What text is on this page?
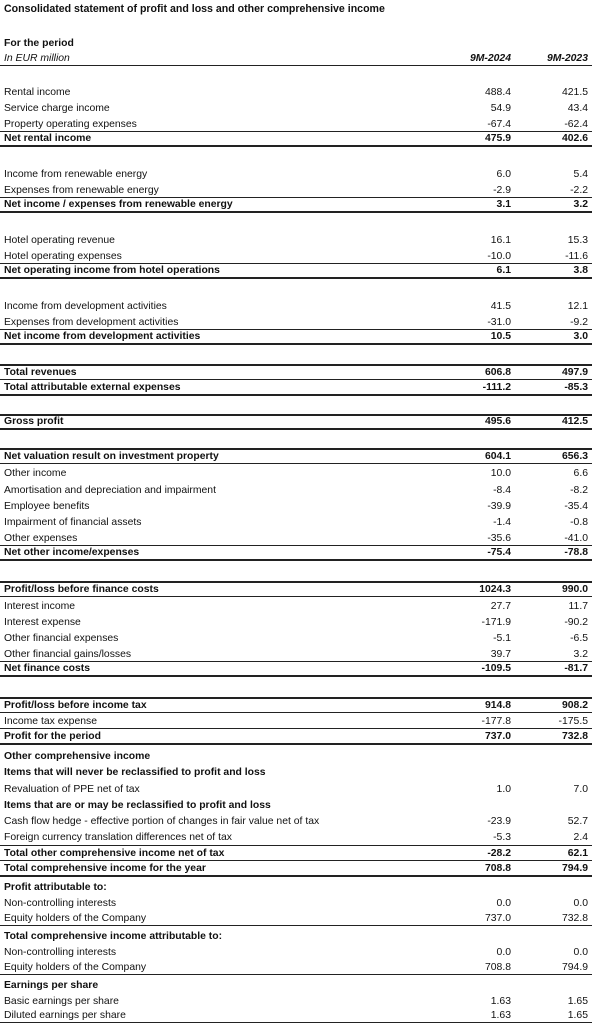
Consolidated statement of profit and loss and other comprehensive income
For the period
In EUR million	9M-2024	9M-2023
Rental income	488.4	421.5
Service charge income	54.9	43.4
Property operating expenses	-67.4	-62.4
Net rental income	475.9	402.6
Income from renewable energy	6.0	5.4
Expenses from renewable energy	-2.9	-2.2
Net income / expenses from renewable energy	3.1	3.2
Hotel operating revenue	16.1	15.3
Hotel operating expenses	-10.0	-11.6
Net operating income from hotel operations	6.1	3.8
Income from development activities	41.5	12.1
Expenses from development activities	-31.0	-9.2
Net income from development activities	10.5	3.0
Total revenues	606.8	497.9
Total attributable external expenses	-111.2	-85.3
Gross profit	495.6	412.5
Net valuation result on investment property	604.1	656.3
Other income	10.0	6.6
Amortisation and depreciation and impairment	-8.4	-8.2
Employee benefits	-39.9	-35.4
Impairment of financial assets	-1.4	-0.8
Other expenses	-35.6	-41.0
Net other income/expenses	-75.4	-78.8
Profit/loss before finance costs	1024.3	990.0
Interest income	27.7	11.7
Interest expense	-171.9	-90.2
Other financial expenses	-5.1	-6.5
Other financial gains/losses	39.7	3.2
Net finance costs	-109.5	-81.7
Profit/loss before income tax	914.8	908.2
Income tax expense	-177.8	-175.5
Profit for the period	737.0	732.8
Other comprehensive income
Items that will never be reclassified to profit and loss
Revaluation of PPE net of tax	1.0	7.0
Items that are or may be reclassified to profit and loss
Cash flow hedge - effective portion of changes in fair value net of tax	-23.9	52.7
Foreign currency translation differences net of tax	-5.3	2.4
Total other comprehensive income net of tax	-28.2	62.1
Total comprehensive income for the year	708.8	794.9
Profit attributable to:
Non-controlling interests	0.0	0.0
Equity holders of the Company	737.0	732.8
Total comprehensive income attributable to:
Non-controlling interests	0.0	0.0
Equity holders of the Company	708.8	794.9
Earnings per share
Basic earnings per share	1.63	1.65
Diluted earnings per share	1.63	1.65
